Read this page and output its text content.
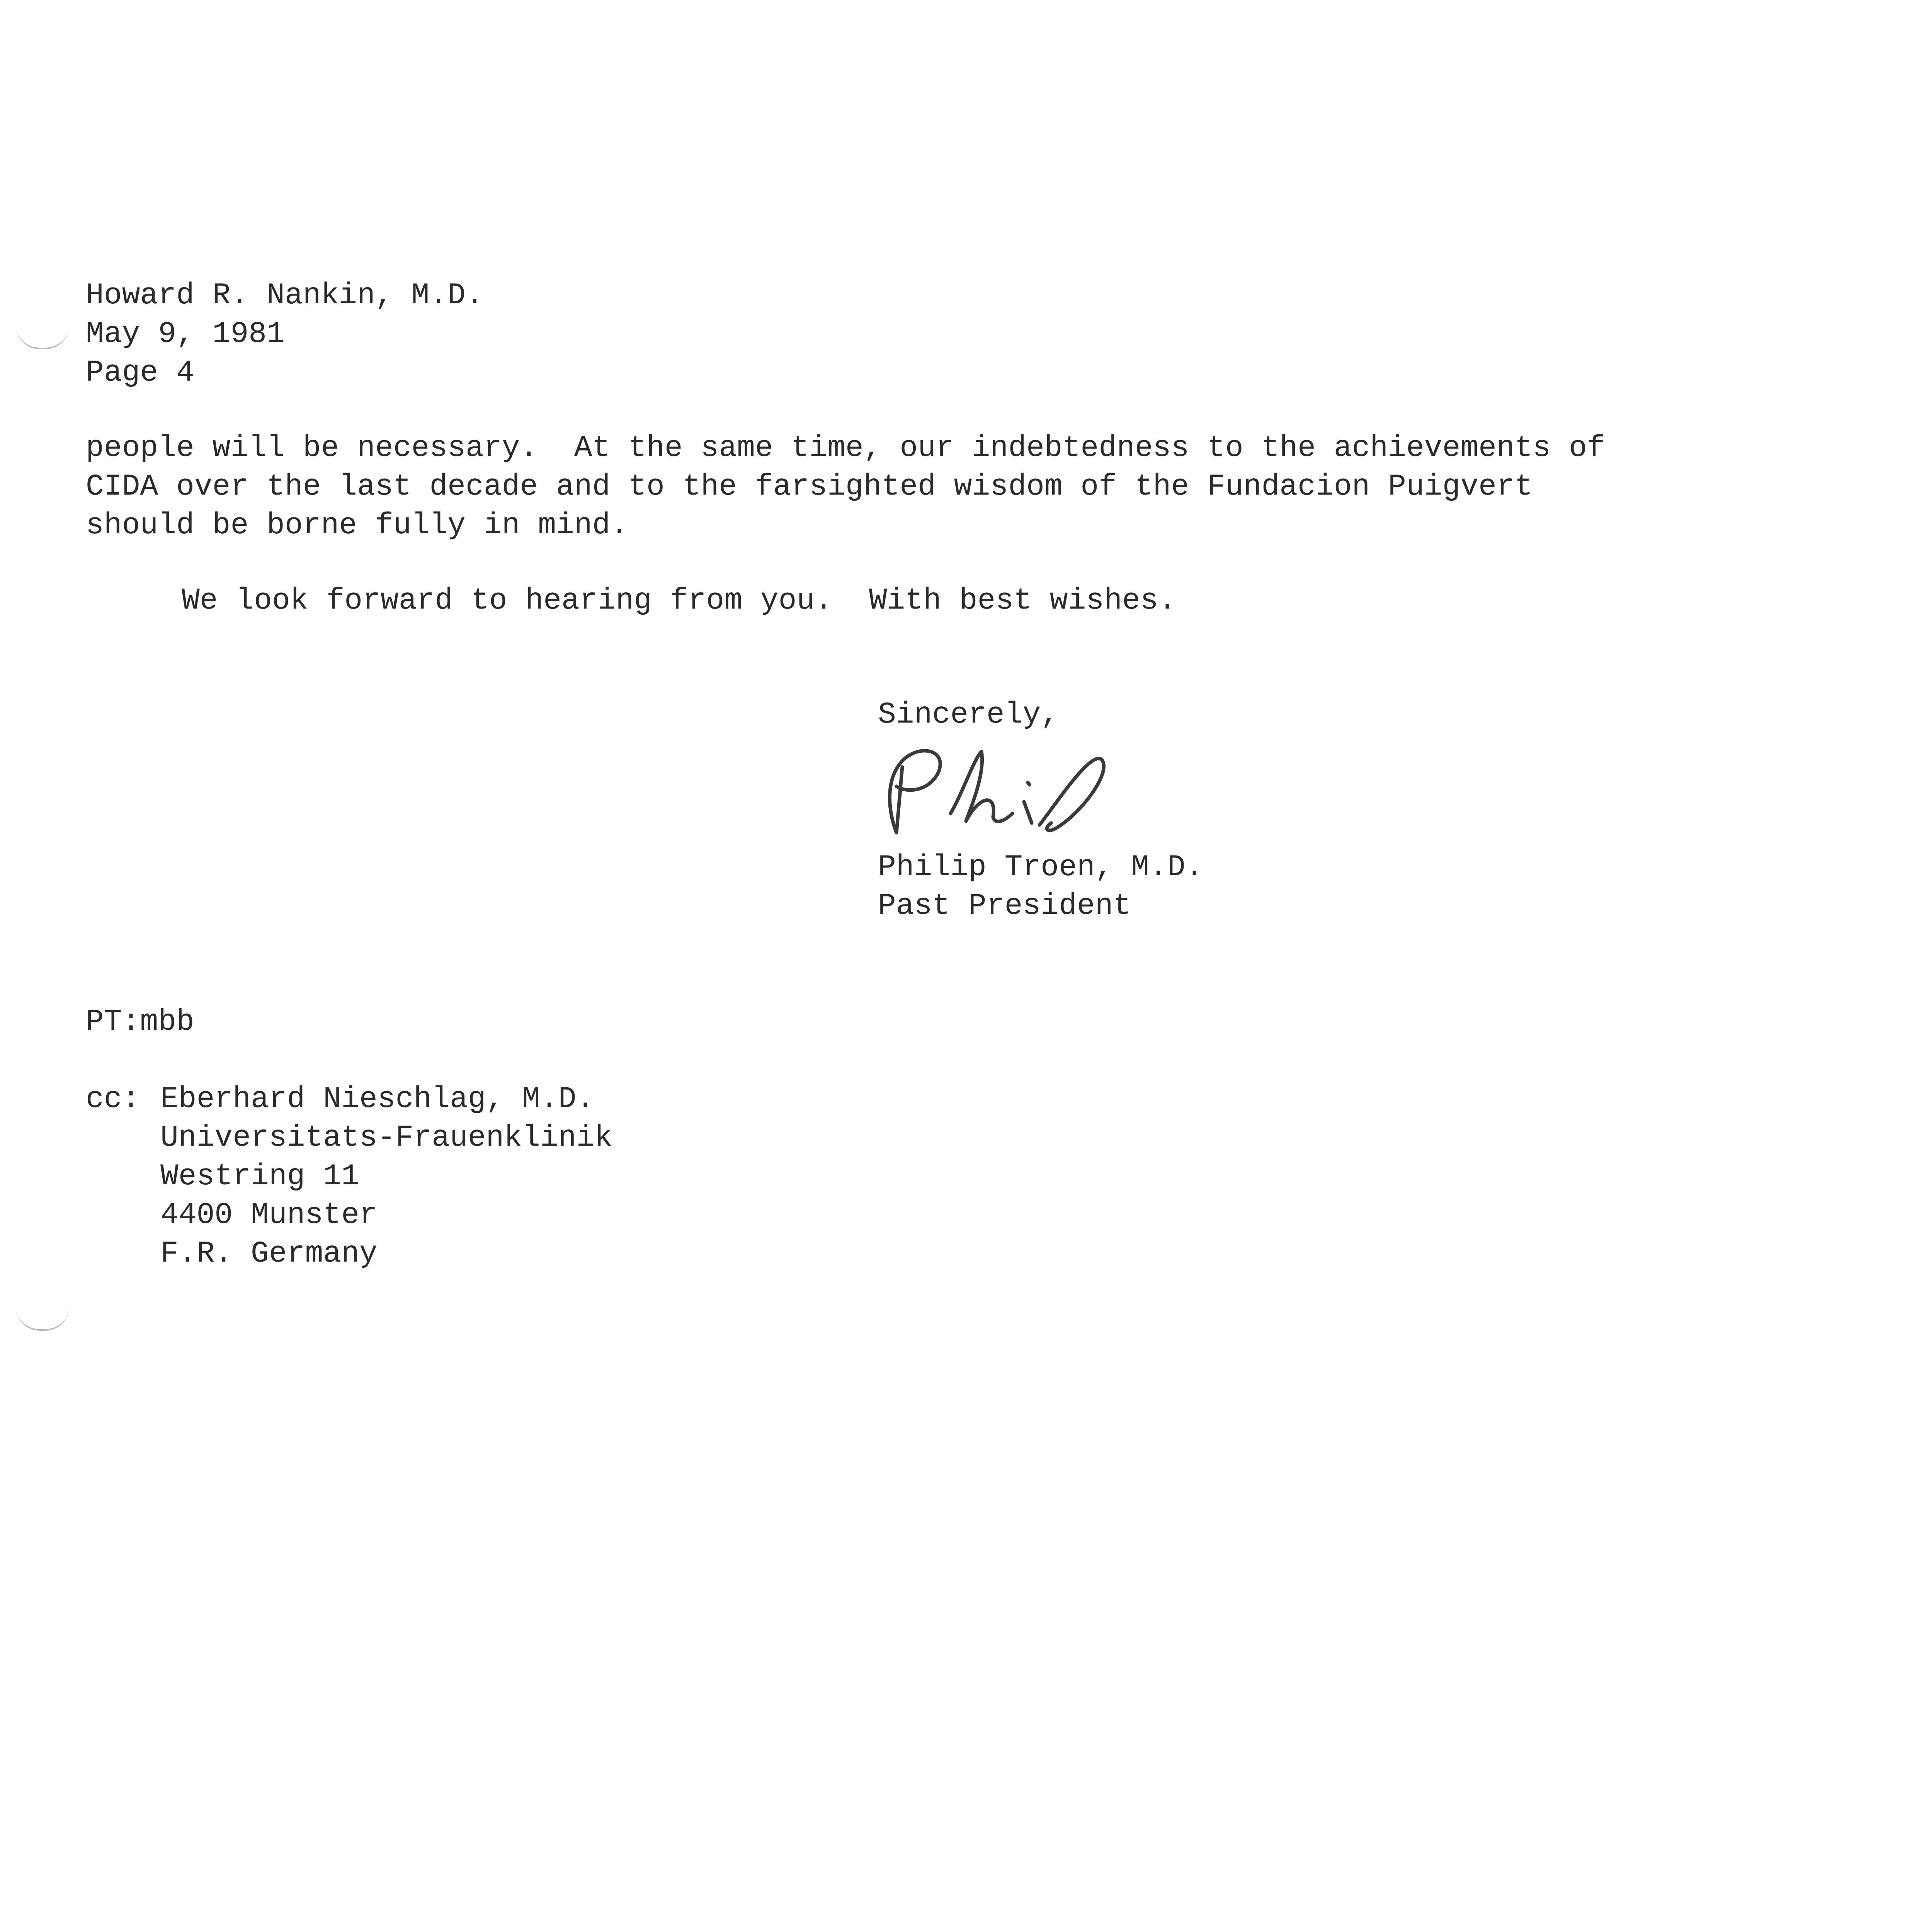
Howard R. Nankin, M.D.

May 9, 1981

Page 4

people will be necessary.  At the same time, our indebtedness to the achievements of

CIDA over the last decade and to the farsighted wisdom of the Fundacion Puigvert

should be borne fully in mind.

We look forward to hearing from you.  With best wishes.

Sincerely,

Philip Troen, M.D.

Past President

PT:mbb

cc: Eberhard Nieschlag, M.D.

Universitats-Frauenklinik

Westring 11

4400 Munster

F.R. Germany
